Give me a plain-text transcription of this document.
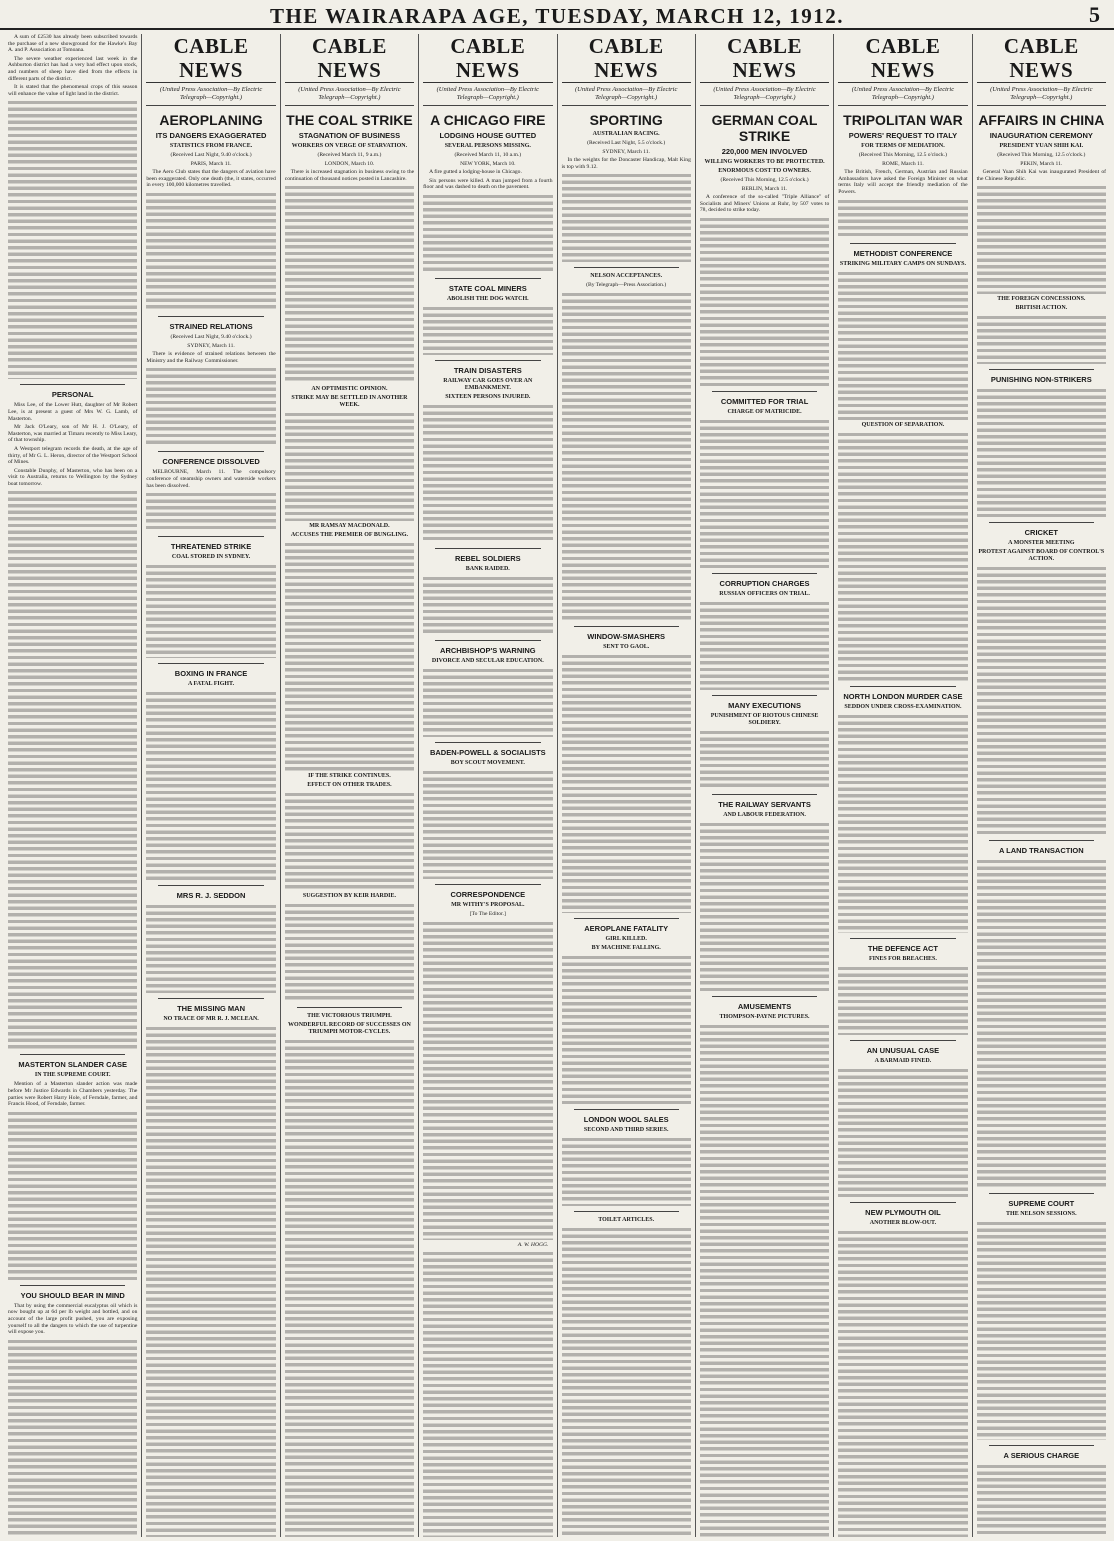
THE WAIRARAPA AGE, TUESDAY, MARCH 12, 1912.	5

A sum of £2530 has already been subscribed towards the purchase of a new showground for the Hawke's Bay A. and P. Association at Tomoana.

The severe weather experienced last week in the Ashburton district has had a very bad effect upon stock, and numbers of sheep have died from the effects in different parts of the district.

It is stated that the phenomenal crops of this season will enhance the value of light land in the district.

PERSONAL

Miss Lee, of the Lower Hutt, daughter of Mr Robert Lee, is at present a guest of Mrs W. G. Lamb, of Masterton.

Mr Jack O'Leary, son of Mr H. J. O'Leary, of Masterton, was married at Timaru recently to Miss Leary, of that township.

A Westport telegram records the death, at the age of thirty, of Mr G. L. Heron, director of the Westport School of Mines.

Constable Dunphy, of Masterton, who has been on a visit to Australia, returns to Wellington by the Sydney boat tomorrow.

MASTERTON SLANDER CASE
IN THE SUPREME COURT.

Mention of a Masterton slander action was made before Mr Justice Edwards in Chambers yesterday. The parties were Robert Harry Hole, of Ferndale, farmer, and Francis Hood, of Ferndale, farmer.

YOU SHOULD BEAR IN MIND

That by using the commercial eucalyptus oil which is now bought up at 6d per lb weight and bottled, and on account of the large profit pushed, you are exposing yourself to all the dangers to which the use of turpentine will expose you.

CABLE NEWS
(United Press Association—By Electric Telegraph—Copyright.)
AEROPLANING
ITS DANGERS EXAGGERATED
STATISTICS FROM FRANCE.
(Received Last Night, 9.40 o'clock.)
PARIS, March 11.

The Aero Club states that the dangers of aviation have been exaggerated. Only one death (the, it states, occurred in every 100,000 kilometres travelled.

STRAINED RELATIONS
(Received Last Night, 9.40 o'clock.)
SYDNEY, March 11.

There is evidence of strained relations between the Ministry and the Railway Commissioner.

CONFERENCE DISSOLVED

MELBOURNE, March 11. The compulsory conference of steamship owners and waterside workers has been dissolved.

THREATENED STRIKE
COAL STORED IN SYDNEY.
BOXING IN FRANCE
A FATAL FIGHT.
MRS R. J. SEDDON
THE MISSING MAN
NO TRACE OF MR R. J. MCLEAN.
CABLE NEWS
(United Press Association—By Electric Telegraph—Copyright.)
THE COAL STRIKE
STAGNATION OF BUSINESS
WORKERS ON VERGE OF STARVATION.
(Received March 11, 9 a.m.)
LONDON, March 10.

There is increased stagnation in business owing to the continuation of thousand notices posted in Lancashire.

AN OPTIMISTIC OPINION.
STRIKE MAY BE SETTLED IN ANOTHER WEEK.
MR RAMSAY MACDONALD.
ACCUSES THE PREMIER OF BUNGLING.
IF THE STRIKE CONTINUES.
EFFECT ON OTHER TRADES.
SUGGESTION BY KEIR HARDIE.
THE VICTORIOUS TRIUMPH.
WONDERFUL RECORD OF SUCCESSES ON TRIUMPH MOTOR-CYCLES.
CABLE NEWS
(United Press Association—By Electric Telegraph—Copyright.)
A CHICAGO FIRE
LODGING HOUSE GUTTED
SEVERAL PERSONS MISSING.
(Received March 11, 10 a.m.)
NEW YORK, March 10.

A fire gutted a lodging-house in Chicago.

Six persons were killed. A man jumped from a fourth floor and was dashed to death on the pavement.

STATE COAL MINERS
ABOLISH THE DOG WATCH.
TRAIN DISASTERS
RAILWAY CAR GOES OVER AN EMBANKMENT.
SIXTEEN PERSONS INJURED.
REBEL SOLDIERS
BANK RAIDED.
ARCHBISHOP'S WARNING
DIVORCE AND SECULAR EDUCATION.
BADEN-POWELL & SOCIALISTS
BOY SCOUT MOVEMENT.
CORRESPONDENCE
MR WITHY'S PROPOSAL.
[To The Editor.]
A. W. HOGG.
CABLE NEWS
(United Press Association—By Electric Telegraph—Copyright.)
SPORTING
AUSTRALIAN RACING.
(Received Last Night, 5.5 o'clock.)
SYDNEY, March 11.

In the weights for the Doncaster Handicap, Malt King is top with 9.12.

NELSON ACCEPTANCES.
(By Telegraph—Press Association.)
WINDOW-SMASHERS
SENT TO GAOL.
AEROPLANE FATALITY
GIRL KILLED.
BY MACHINE FALLING.
LONDON WOOL SALES
SECOND AND THIRD SERIES.
TOILET ARTICLES.
CABLE NEWS
(United Press Association—By Electric Telegraph—Copyright.)
GERMAN COAL STRIKE
220,000 MEN INVOLVED
WILLING WORKERS TO BE PROTECTED.
ENORMOUS COST TO OWNERS.
(Received This Morning, 12.5 o'clock.)
BERLIN, March 11.

A conference of the so-called "Triple Alliance" of Socialists and Miners' Unions at Ruhr, by 507 votes to 78, decided to strike today.

COMMITTED FOR TRIAL
CHARGE OF MATRICIDE.
CORRUPTION CHARGES
RUSSIAN OFFICERS ON TRIAL.
MANY EXECUTIONS
PUNISHMENT OF RIOTOUS CHINESE SOLDIERY.
THE RAILWAY SERVANTS
AND LABOUR FEDERATION.
AMUSEMENTS
THOMPSON-PAYNE PICTURES.
CABLE NEWS
(United Press Association—By Electric Telegraph—Copyright.)
TRIPOLITAN WAR
POWERS' REQUEST TO ITALY
FOR TERMS OF MEDIATION.
(Received This Morning, 12.5 o'clock.)
ROME, March 11.

The British, French, German, Austrian and Russian Ambassadors have asked the Foreign Minister on what terms Italy will accept the friendly mediation of the Powers.

METHODIST CONFERENCE
STRIKING MILITARY CAMPS ON SUNDAYS.
QUESTION OF SEPARATION.
NORTH LONDON MURDER CASE
SEDDON UNDER CROSS-EXAMINATION.
THE DEFENCE ACT
FINES FOR BREACHES.
AN UNUSUAL CASE
A BARMAID FINED.
NEW PLYMOUTH OIL
ANOTHER BLOW-OUT.
CABLE NEWS
(United Press Association—By Electric Telegraph—Copyright.)
AFFAIRS IN CHINA
INAUGURATION CEREMONY
PRESIDENT YUAN SHIH KAI.
(Received This Morning, 12.5 o'clock.)
PEKIN, March 11.

General Yuan Shih Kai was inaugurated President of the Chinese Republic.

THE FOREIGN CONCESSIONS.
BRITISH ACTION.
PUNISHING NON-STRIKERS
CRICKET
A MONSTER MEETING
PROTEST AGAINST BOARD OF CONTROL'S ACTION.
A LAND TRANSACTION
SUPREME COURT
THE NELSON SESSIONS.
A SERIOUS CHARGE
